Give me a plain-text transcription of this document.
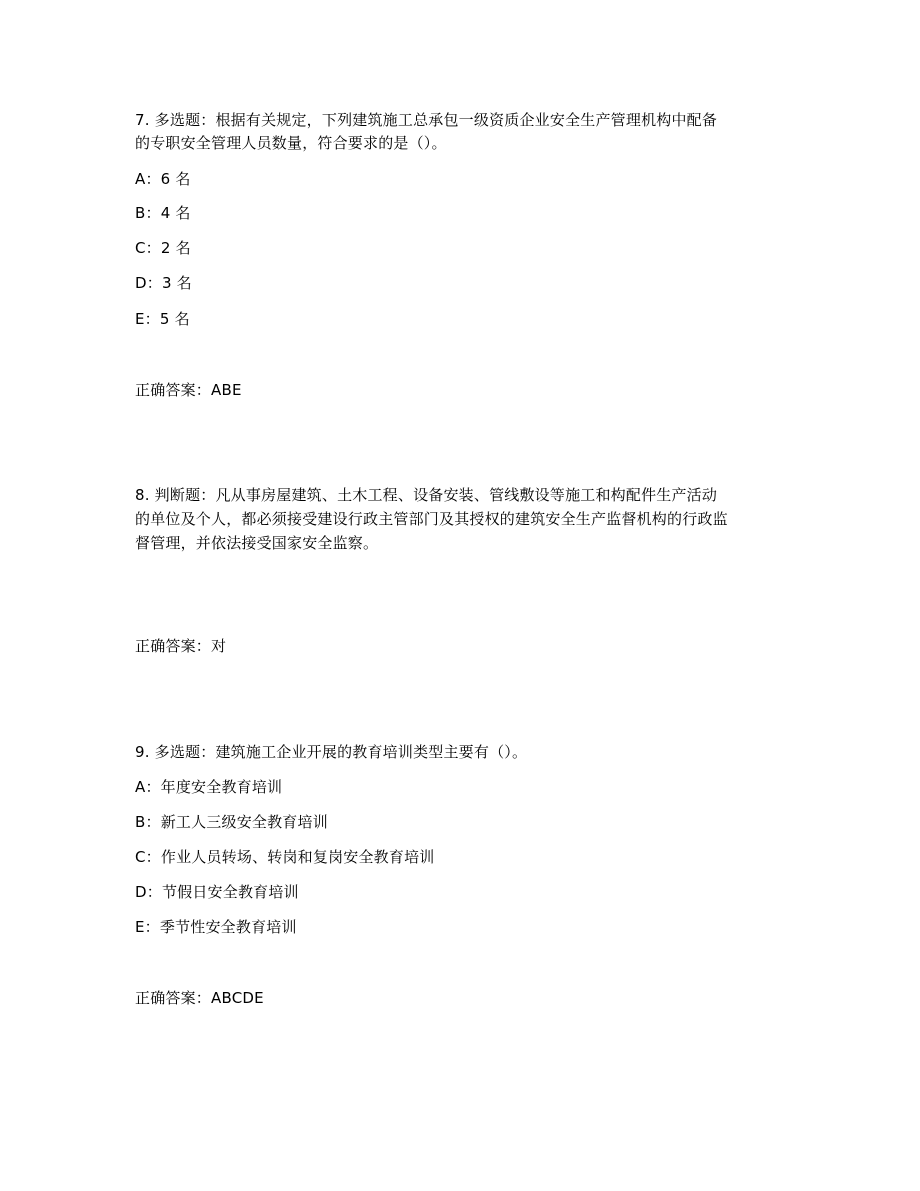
7. 多选题：根据有关规定，下列建筑施工总承包一级资质企业安全生产管理机构中配备
的专职安全管理人员数量，符合要求的是（）。
A：6 名
B：4 名
C：2 名
D：3 名
E：5 名
正确答案：ABE
8. 判断题：凡从事房屋建筑、土木工程、设备安装、管线敷设等施工和构配件生产活动
的单位及个人，都必须接受建设行政主管部门及其授权的建筑安全生产监督机构的行政监
督管理，并依法接受国家安全监察。
正确答案：对
9. 多选题：建筑施工企业开展的教育培训类型主要有（）。
A：年度安全教育培训
B：新工人三级安全教育培训
C：作业人员转场、转岗和复岗安全教育培训
D：节假日安全教育培训
E：季节性安全教育培训
正确答案：ABCDE
